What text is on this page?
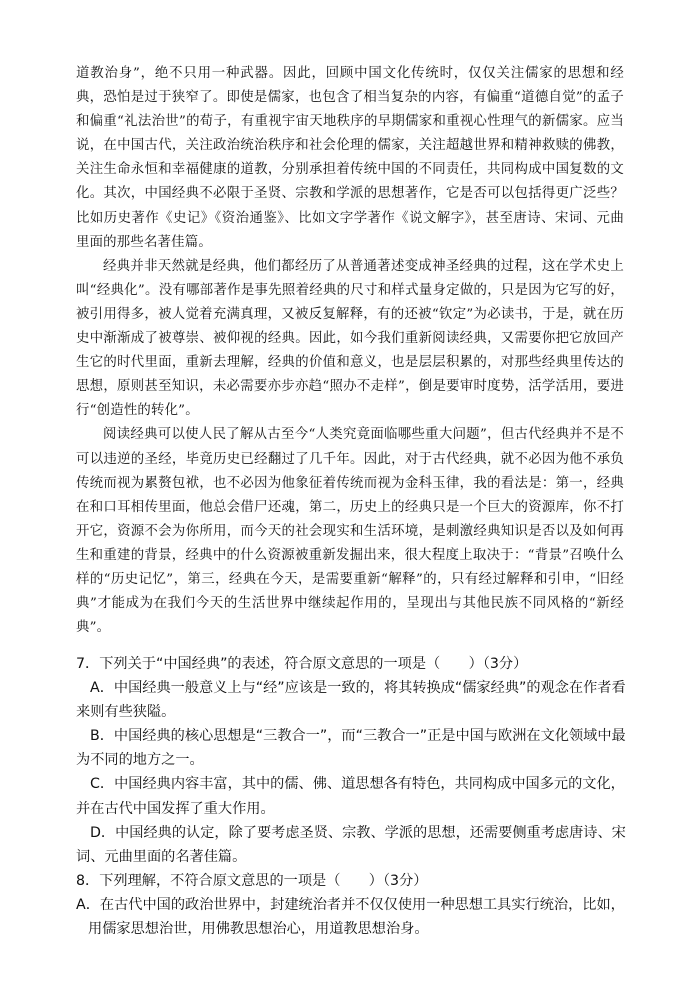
道教治身”，绝不只用一种武器。因此，回顾中国文化传统时，仅仅关注儒家的思想和经典，恐怕是过于狭窄了。即使是儒家，也包含了相当复杂的内容，有偏重“道德自觉”的孟子和偏重“礼法治世”的荀子，有重视宇宙天地秩序的早期儒家和重视心性理气的新儒家。应当说，在中国古代，关注政治统治秩序和社会伦理的儒家，关注超越世界和精神救赎的佛教，关注生命永恒和幸福健康的道教，分别承担着传统中国的不同责任，共同构成中国复数的文化。其次，中国经典不必限于圣贤、宗教和学派的思想著作，它是否可以包括得更广泛些？比如历史著作《史记》《资治通鉴》、比如文字学著作《说文解字》，甚至唐诗、宋词、元曲里面的那些名著佳篇。

经典并非天然就是经典，他们都经历了从普通著述变成神圣经典的过程，这在学术史上叫“经典化”。没有哪部著作是事先照着经典的尺寸和样式量身定做的，只是因为它写的好，被引用得多，被人觉着充满真理，又被反复解释，有的还被“钦定”为必读书，于是，就在历史中渐渐成了被尊崇、被仰视的经典。因此，如今我们重新阅读经典，又需要你把它放回产生它的时代里面，重新去理解，经典的价值和意义，也是层层积累的，对那些经典里传达的思想，原则甚至知识，未必需要亦步亦趋“照办不走样”，倒是要审时度势，活学活用，要进行“创造性的转化”。

阅读经典可以使人民了解从古至今“人类究竟面临哪些重大问题”，但古代经典并不是不可以违逆的圣经，毕竟历史已经翻过了几千年。因此，对于古代经典，就不必因为他不承负传统而视为累赘包袱，也不必因为他象征着传统而视为金科玉律，我的看法是：第一，经典在和口耳相传里面，他总会借尸还魂，第二，历史上的经典只是一个巨大的资源库，你不打开它，资源不会为你所用，而今天的社会现实和生活环境，是刺激经典知识是否以及如何再生和重建的背景，经典中的什么资源被重新发掘出来，很大程度上取决于：“背景”召唤什么样的“历史记忆”，第三，经典在今天，是需要重新“解释”的，只有经过解释和引申，“旧经典”才能成为在我们今天的生活世界中继续起作用的，呈现出与其他民族不同风格的“新经典”。

7．下列关于“中国经典”的表述，符合原文意思的一项是（　　）（3分）

A．中国经典一般意义上与“经”应该是一致的，将其转换成“儒家经典”的观念在作者看来则有些狭隘。

B．中国经典的核心思想是“三教合一”，而“三教合一”正是中国与欧洲在文化领域中最为不同的地方之一。

C．中国经典内容丰富，其中的儒、佛、道思想各有特色，共同构成中国多元的文化，并在古代中国发挥了重大作用。

D．中国经典的认定，除了要考虑圣贤、宗教、学派的思想，还需要侧重考虑唐诗、宋词、元曲里面的名著佳篇。

8．下列理解，不符合原文意思的一项是（　　）（3分）

A．在古代中国的政治世界中，封建统治者并不仅仅使用一种思想工具实行统治，比如，用儒家思想治世，用佛教思想治心，用道教思想治身。
